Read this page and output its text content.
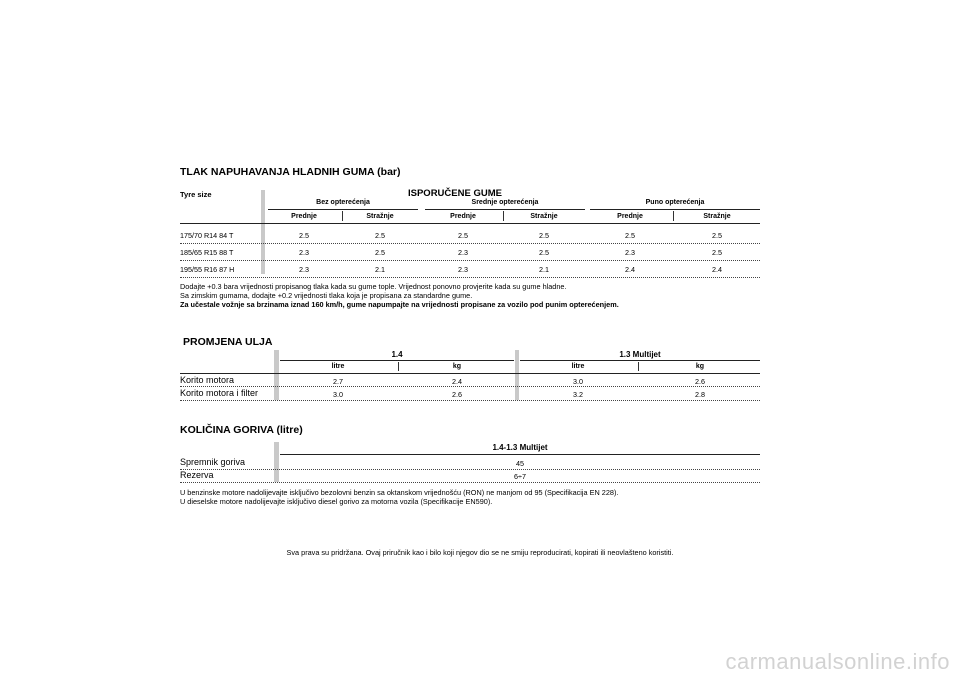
TLAK NAPUHAVANJA HLADNIH GUMA (bar)
Tyre size	ISPORUČENE GUME
Bez opterećenja	Srednje opterećenja	Puno opterećenja
Prednje	Stražnje	Prednje	Stražnje	Prednje	Stražnje
175/70 R14 84 T	2.5	2.5	2.5	2.5	2.5	2.5
185/65 R15 88 T	2.3	2.5	2.3	2.5	2.3	2.5
195/55 R16 87 H	2.3	2.1	2.3	2.1	2.4	2.4
Dodajte +0.3 bara vrijednosti propisanog tlaka kada su gume tople. Vrijednost ponovno provjerite kada su gume hladne.
Sa zimskim gumama, dodajte +0.2 vrijednosti tlaka koja je propisana za standardne gume.
Za učestale vožnje sa brzinama iznad 160 km/h, gume napumpajte na vrijednosti propisane za vozilo pod punim opterećenjem.
PROMJENA ULJA
1.4	1.3 Multijet
litre	kg	litre	kg
Korito motora	2.7	2.4	3.0	2.6
Korito motora i filter	3.0	2.6	3.2	2.8
KOLIČINA GORIVA (litre)
1.4-1.3 Multijet
Spremnik goriva	45
Rezerva	6÷7
U benzinske motore nadolijevajte isključivo bezolovni benzin sa oktanskom vrijednošću (RON) ne manjom od 95 (Specifikacija EN 228).
U dieselske motore nadolijevajte isključivo diesel gorivo za motorna vozila (Specifikacije EN590).
Sva prava su pridržana. Ovaj priručnik kao i bilo koji njegov dio se ne smiju reproducirati, kopirati ili neovlašteno koristiti.
carmanualsonline.info
